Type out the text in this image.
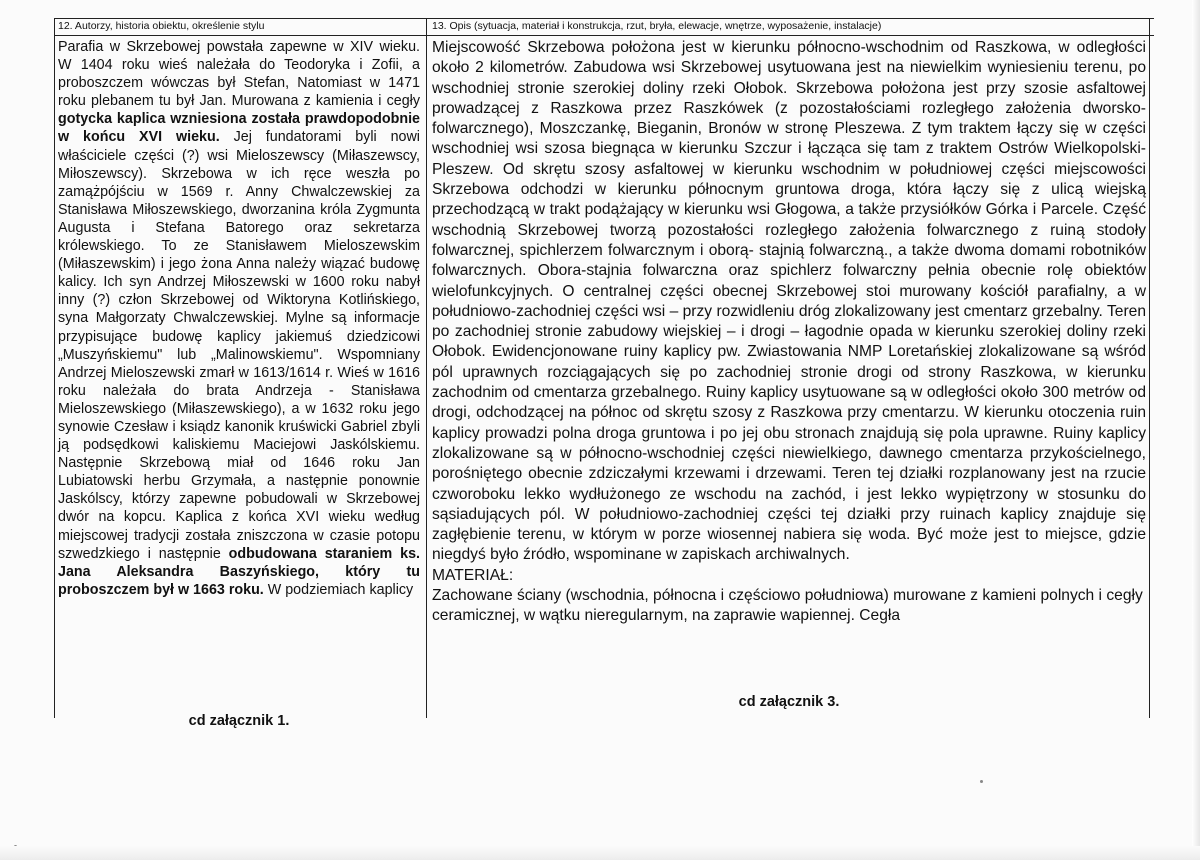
12. Autorzy, historia obiektu, określenie stylu	13. Opis (sytuacja, materiał i konstrukcja, rzut, bryła, elewacje, wnętrze, wyposażenie, instalacje)

Parafia w Skrzebowej powstała zapewne w XIV wieku. W 1404 roku wieś należała do Teodoryka i Zofii, a proboszczem wówczas był Stefan, Natomiast w 1471 roku plebanem tu był Jan. Murowana z kamienia i cegły gotycka kaplica wzniesiona została prawdopodobnie w końcu XVI wieku. Jej fundatorami byli nowi właściciele części (?) wsi Mieloszewscy (Miłaszewscy, Miłoszewscy). Skrzebowa w ich ręce weszła po zamążpójściu w 1569 r. Anny Chwalczewskiej za Stanisława Miłoszewskiego, dworzanina króla Zygmunta Augusta i Stefana Batorego oraz sekretarza królewskiego. To ze Stanisławem Mieloszewskim (Miłaszewskim) i jego żona Anna należy wiązać budowę kalicy. Ich syn Andrzej Miłoszewski w 1600 roku nabył inny (?) człon Skrzebowej od Wiktoryna Kotlińskiego, syna Małgorzaty Chwalczewskiej. Mylne są informacje przypisujące budowę kaplicy jakiemuś dziedzicowi „Muszyńskiemu" lub „Malinowskiemu". Wspomniany Andrzej Mieloszewski zmarł w 1613/1614 r. Wieś w 1616 roku należała do brata Andrzeja - Stanisława Mieloszewskiego (Miłaszewskiego), a w 1632 roku jego synowie Czesław i ksiądz kanonik kruświcki Gabriel zbyli ją podsędkowi kaliskiemu Maciejowi Jaskólskiemu. Następnie Skrzebową miał od 1646 roku Jan Lubiatowski herbu Grzymała, a następnie ponownie Jaskólscy, którzy zapewne pobudowali w Skrzebowej dwór na kopcu. Kaplica z końca XVI wieku według miejscowej tradycji została zniszczona w czasie potopu szwedzkiego i następnie odbudowana staraniem ks. Jana Aleksandra Baszyńskiego, który tu proboszczem był w 1663 roku. W podziemiach kaplicy

cd załącznik 1.

Miejscowość Skrzebowa położona jest w kierunku północno-wschodnim od Raszkowa, w odległości około 2 kilometrów. Zabudowa wsi Skrzebowej usytuowana jest na niewielkim wyniesieniu terenu, po wschodniej stronie szerokiej doliny rzeki Ołobok. Skrzebowa położona jest przy szosie asfaltowej prowadzącej z Raszkowa przez Raszkówek (z pozostałościami rozległego założenia dworsko-folwarcznego), Moszczankę, Bieganin, Bronów w stronę Pleszewa. Z tym traktem łączy się w części wschodniej wsi szosa biegnąca w kierunku Szczur i łącząca się tam z traktem Ostrów Wielkopolski-Pleszew. Od skrętu szosy asfaltowej w kierunku wschodnim w południowej części miejscowości Skrzebowa odchodzi w kierunku północnym gruntowa droga, która łączy się z ulicą wiejską przechodzącą w trakt podążający w kierunku wsi Głogowa, a także przysiółków Górka i Parcele. Część wschodnią Skrzebowej tworzą pozostałości rozległego założenia folwarcznego z ruiną stodoły folwarcznej, spichlerzem folwarcznym i oborą- stajnią folwarczną., a także dwoma domami robotników folwarcznych. Obora-stajnia folwarczna oraz spichlerz folwarczny pełnia obecnie rolę obiektów wielofunkcyjnych. O centralnej części obecnej Skrzebowej stoi murowany kościół parafialny, a w południowo-zachodniej części wsi – przy rozwidleniu dróg zlokalizowany jest cmentarz grzebalny. Teren po zachodniej stronie zabudowy wiejskiej – i drogi – łagodnie opada w kierunku szerokiej doliny rzeki Ołobok. Ewidencjonowane ruiny kaplicy pw. Zwiastowania NMP Loretańskiej zlokalizowane są wśród pól uprawnych rozciągających się po zachodniej stronie drogi od strony Raszkowa, w kierunku zachodnim od cmentarza grzebalnego. Ruiny kaplicy usytuowane są w odległości około 300 metrów od drogi, odchodzącej na północ od skrętu szosy z Raszkowa przy cmentarzu. W kierunku otoczenia ruin kaplicy prowadzi polna droga gruntowa i po jej obu stronach znajdują się pola uprawne. Ruiny kaplicy zlokalizowane są w północno-wschodniej części niewielkiego, dawnego cmentarza przykościelnego, porośniętego obecnie zdziczałymi krzewami i drzewami. Teren tej działki rozplanowany jest na rzucie czworoboku lekko wydłużonego ze wschodu na zachód, i jest lekko wypiętrzony w stosunku do sąsiadujących pól. W południowo-zachodniej części tej działki przy ruinach kaplicy znajduje się zagłębienie terenu, w którym w porze wiosennej nabiera się woda. Być może jest to miejsce, gdzie niegdyś było źródło, wspominane w zapiskach archiwalnych.

MATERIAŁ:

Zachowane ściany (wschodnia, północna i częściowo południowa) murowane z kamieni polnych i cegły ceramicznej, w wątku nieregularnym, na zaprawie wapiennej. Cegła

cd załącznik 3.
